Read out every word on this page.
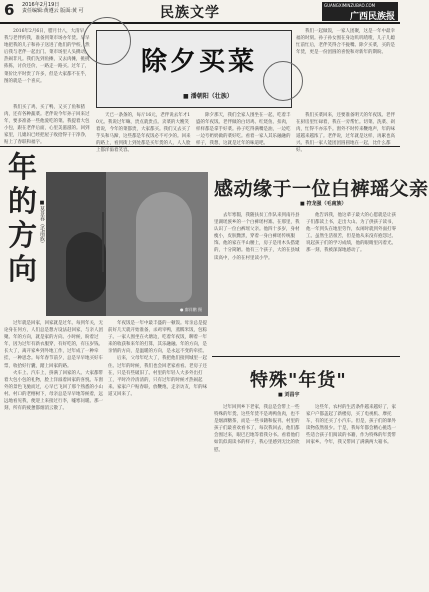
6 2016年2月19日
责任编辑:黄遵云 版面:黄 可	民族文学	GUANGXIMINZUBAO.COM
广西民族报

2016年2月6日，腊月廿八，大清早，我与老伴约我，准备到菜市场办年货。早早地把我的儿子和孙子送进了他们的学校，然后我与老伴一起出门。菜市场里人头攒动，热闹非凡。我们先到鱼摊，又去肉摊，挑挑拣拣，讨价还价，一路走一路买。过年了，菜价比平时贵了许多，但是大家都不在乎，图的就是一个喜庆。

除夕买菜
■ 潘朝阳（壮族）

我们一起做饭，一家人团聚，这是一年中最幸福的时刻。孙子孙女围在身边叽叽喳喳，儿子儿媳忙前忙后，老伴笑得合不拢嘴。除夕买菜，买的是年货，更是一份团圆的喜悦和对新年的期盼。

我们买了鸡，买了鸭，又买了鱼和猪肉，还有各种蔬菜。老伴说今年孙子回来过年，要多准备一些他爱吃的菜。我提着大包小包，跟在老伴后面，心里美滋滋的。回到家里，儿媳妇已经把屋子收拾得干干净净，贴上了春联和福字。

天已一条条的，每斤16元，老伴说去年才10元。我说过年嘛，贵点就贵点。卖菜的大嫂笑着说，今年的菜都贵，大家都买。我们又去买了芋头和马蹄，这些都是年夜饭必不可少的。回来的路上，看到街上到处都是买年货的人，人人脸上都洋溢着笑容。

除夕那天，我们全家人围坐在一起，吃着丰盛的年夜饭。老伴做的白切鸡、红烧鱼、扣肉，样样都是拿手好菜。孙子吃得满嘴是油，一边吃一边夸奶奶做的菜好吃。看着一家人其乐融融的样子，我想，这就是过年的味道吧。

我们买菜回来，还要准备明天的年夜饭。老伴在厨房里忙碌着，我在一旁帮忙。切菜、洗菜、剁肉，忙得不亦乐乎。窗外不时传来鞭炮声，年的味道越来越浓了。老伴说，过年就是这样，再累也高兴。我们一家人能团团圆圆地在一起，比什么都好。

年的方向
■莫景春（毛南族）
● 廖祥鹏 摄

过年就是回家，回家就是过年。每到年关，无论身在何方，人们总是想方设法赶回家，与亲人团聚。年的方向，就是家的方向。小时候，盼着过年，因为过年有新衣服穿，有好吃的，有压岁钱。长大了，离开家乡到外地工作，过年成了一种牵挂，一种思念。每年春节前夕，总是早早地买好车票，收拾好行囊，踏上回家的路。

火车上、汽车上，挤满了回家的人。大家都带着大包小包的礼物，脸上洋溢着回家的喜悦。车窗外的景色飞驰而过，心早已飞回了那个熟悉的小山村。村口的老榕树下，母亲总是早早地等候着，远远地看见我，便迎上来接过行李，嘘寒问暖。那一刻，所有的疲惫都烟消云散了。

年夜饭是一年中最丰盛的一顿饭。母亲总是提前好几天就开始准备，杀鸡宰鸭，蒸糯米饭，包粽子。一家人围坐在火塘边，吃着年夜饭，聊着一年来的收获和来年的打算，其乐融融。年的方向，是亲情的方向，是温暖的方向，是永远不变的牵挂。

后来，父母年纪大了，我把他们接到城里一起住。过年的时候，我们也会回老家看看。老房子还在，只是有些破旧了。村里的年轻人大多外出打工，平时冷冷清清的，只有过年的时候才热闹起来。家家户户贴春联，放鞭炮，走亲访友，年的味道又回来了。

感动缘于一位白裤瑶父亲
■ 符龙强（毛南族）

去年寒假，我随扶贫工作队来到南丹县里湖瑶族乡的一个白裤瑶村寨。在那里，我认识了一位白裤瑶父亲。他四十多岁，身材瘦小，皮肤黝黑，穿着一身白裤瑶传统服饰。他的家在半山腰上，房子是用木头搭建的，十分简陋。他有三个孩子，大的在县城读高中，小的在村里读小学。

他告诉我，他这辈子最大的心愿就是让孩子们都读上书，走出大山。为了供孩子读书，他一年到头在地里劳作，农闲时就到外面打零工。虽然生活很苦，但是他从来没有抱怨过。说起孩子们的学习成绩，他的眼睛里闪着光。那一刻，我被深深地感动了。

特殊"年货"
■ 刘昌宇

过年回到乡下老家，我总是会带上一些特殊的年货。这些年货不是鸡鸭鱼肉，也不是烟酒糖茶，而是一些书籍和报刊。村里的孩子们最喜欢看书了，每次我回去，他们都会围过来，眼巴巴地等着我分书。看着他们如饥似渴读书的样子，我心里感到无比的欣慰。

这些年，农村的生活条件越来越好了，家家户户都盖起了新楼房，买了电视机、摩托车，有的还买了小汽车。但是，孩子们的课外读物依然很少。于是，我每年都会精心挑选一些适合孩子们阅读的书籍，作为特殊的年货带回家乡。今年，我又带回了满满两大箱书。
